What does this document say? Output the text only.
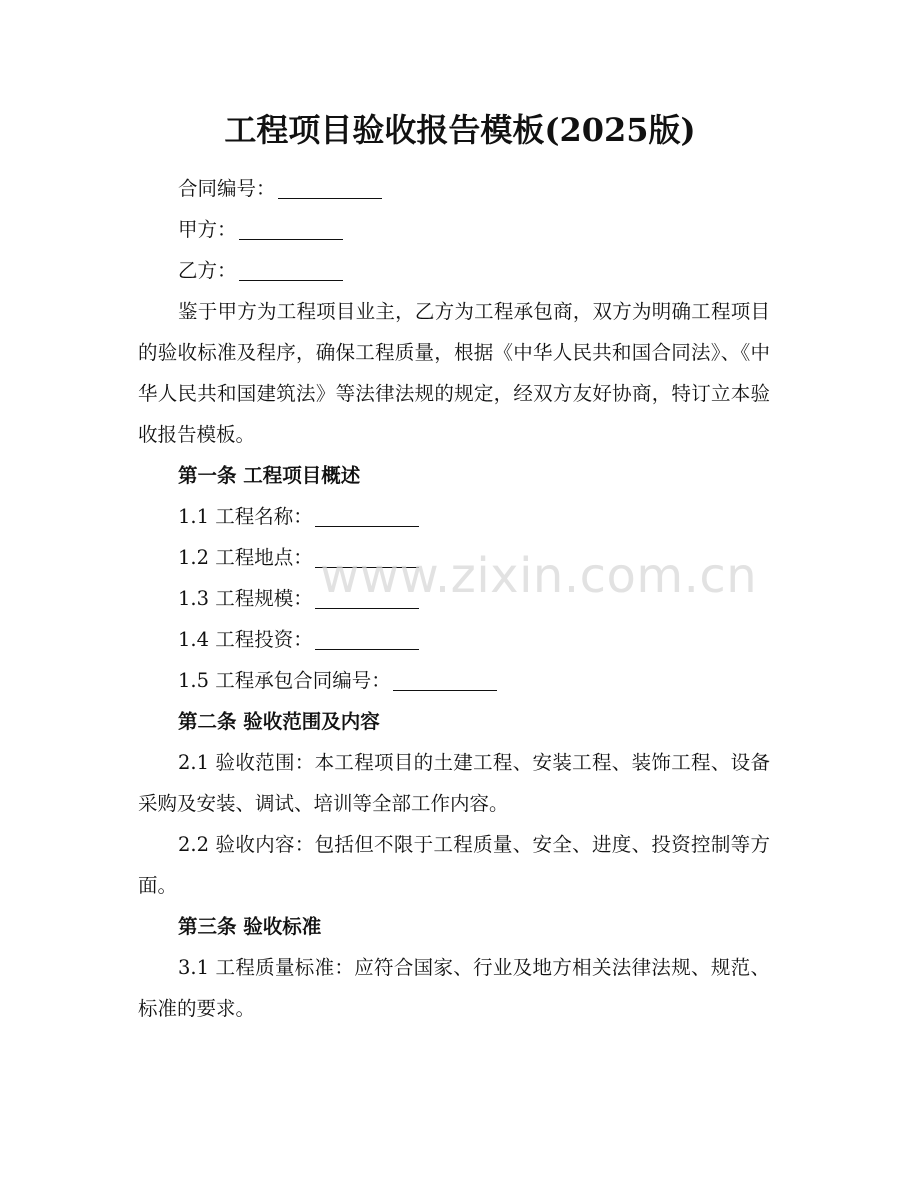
工程项目验收报告模板(2025版)

合同编号：

甲方：

乙方：

鉴于甲方为工程项目业主，乙方为工程承包商，双方为明确工程项目的验收标准及程序，确保工程质量，根据《中华人民共和国合同法》、《中华人民共和国建筑法》等法律法规的规定，经双方友好协商，特订立本验收报告模板。

第一条 工程项目概述

1.1 工程名称：

1.2 工程地点：

1.3 工程规模：

1.4 工程投资：

1.5 工程承包合同编号：

第二条 验收范围及内容

2.1 验收范围：本工程项目的土建工程、安装工程、装饰工程、设备采购及安装、调试、培训等全部工作内容。

2.2 验收内容：包括但不限于工程质量、安全、进度、投资控制等方面。

第三条 验收标准

3.1 工程质量标准：应符合国家、行业及地方相关法律法规、规范、标准的要求。

www.zixin.com.cn
